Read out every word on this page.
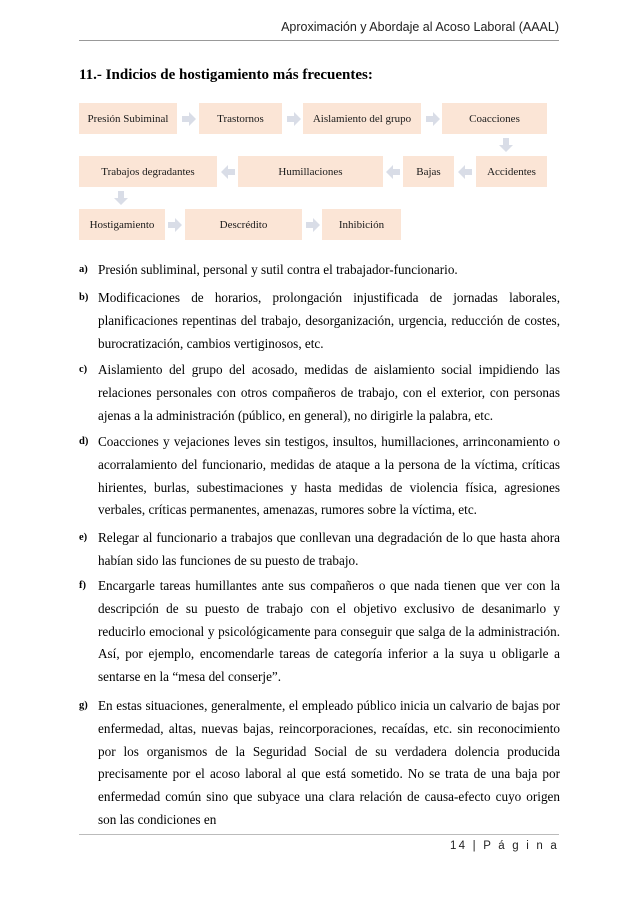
Aproximación y Abordaje al Acoso Laboral (AAAL)
11.- Indicios de hostigamiento más frecuentes:
Presión Subiminal	Trastornos	Aislamiento del grupo	Coacciones
Trabajos degradantes	Humillaciones	Bajas	Accidentes
Hostigamiento	Descrédito	Inhibición
a) Presión subliminal, personal y sutil contra el trabajador-funcionario.
b) Modificaciones de horarios, prolongación injustificada de jornadas laborales, planificaciones repentinas del trabajo, desorganización, urgencia, reducción de costes, burocratización, cambios vertiginosos, etc.
c) Aislamiento del grupo del acosado, medidas de aislamiento social impidiendo las relaciones personales con otros compañeros de trabajo, con el exterior, con personas ajenas a la administración (público, en general), no dirigirle la palabra, etc.
d) Coacciones y vejaciones leves sin testigos, insultos, humillaciones, arrinconamiento o acorralamiento del funcionario, medidas de ataque a la persona de la víctima, críticas hirientes, burlas, subestimaciones y hasta medidas de violencia física, agresiones verbales, críticas permanentes, amenazas, rumores sobre la víctima, etc.
e) Relegar al funcionario a trabajos que conllevan una degradación de lo que hasta ahora habían sido las funciones de su puesto de trabajo.
f) Encargarle tareas humillantes ante sus compañeros o que nada tienen que ver con la descripción de su puesto de trabajo con el objetivo exclusivo de desanimarlo y reducirlo emocional y psicológicamente para conseguir que salga de la administración. Así, por ejemplo, encomendarle tareas de categoría inferior a la suya u obligarle a sentarse en la “mesa del conserje”.
g) En estas situaciones, generalmente, el empleado público inicia un calvario de bajas por enfermedad, altas, nuevas bajas, reincorporaciones, recaídas, etc. sin reconocimiento por los organismos de la Seguridad Social de su verdadera dolencia producida precisamente por el acoso laboral al que está sometido. No se trata de una baja por enfermedad común sino que subyace una clara relación de causa-efecto cuyo origen son las condiciones en
14 | P á g i n a
